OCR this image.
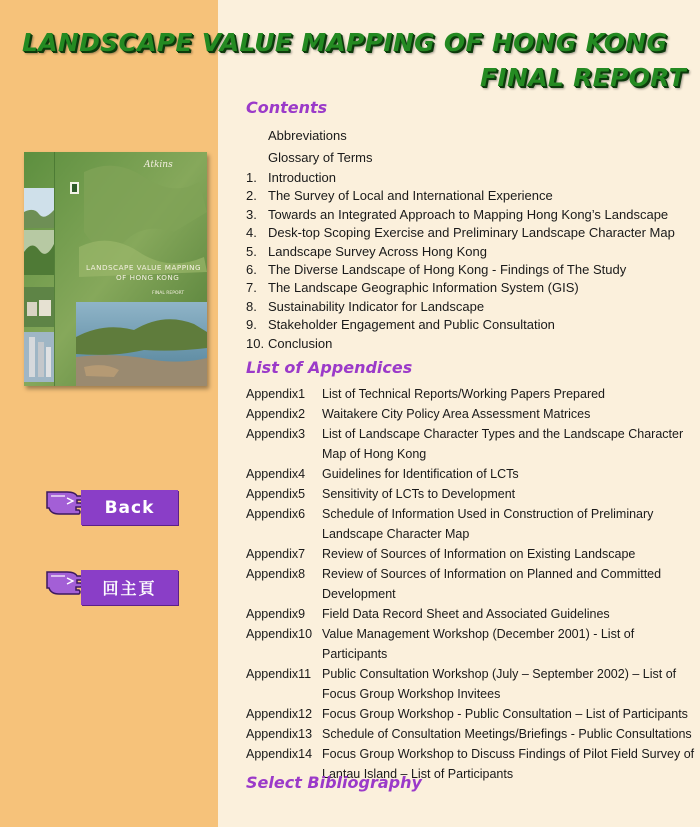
LANDSCAPE VALUE MAPPING OF HONG KONG
FINAL REPORT
Atkins
LANDSCAPE VALUE MAPPING
OF HONG KONG
FINAL REPORT
Back
回主頁
Contents
Abbreviations
Glossary of Terms
1. Introduction
2. The Survey of Local and International Experience
3. Towards an Integrated Approach to Mapping Hong Kong’s Landscape
4. Desk-top Scoping Exercise and Preliminary Landscape Character Map
5. Landscape Survey Across Hong Kong
6. The Diverse Landscape of Hong Kong - Findings of The Study
7. The Landscape Geographic Information System (GIS)
8. Sustainability Indicator for Landscape
9. Stakeholder Engagement and Public Consultation
10. Conclusion
List of Appendices
Appendix1	List of Technical Reports/Working Papers Prepared
Appendix2	Waitakere City Policy Area Assessment Matrices
Appendix3	List of Landscape Character Types and the Landscape Character Map of Hong Kong
Appendix4	Guidelines for Identification of LCTs
Appendix5	Sensitivity of LCTs to Development
Appendix6	Schedule of Information Used in Construction of Preliminary Landscape Character Map
Appendix7	Review of Sources of Information on Existing Landscape
Appendix8	Review of Sources of Information on Planned and Committed Development
Appendix9	Field Data Record Sheet and Associated Guidelines
Appendix10 Value Management Workshop (December 2001) - List of Participants
Appendix11 Public Consultation Workshop (July – September 2002) – List of Focus Group Workshop Invitees
Appendix12 Focus Group Workshop - Public Consultation – List of Participants
Appendix13 Schedule of Consultation Meetings/Briefings - Public Consultations
Appendix14 Focus Group Workshop to Discuss Findings of Pilot Field Survey of Lantau Island – List of Participants
Select Bibliography
